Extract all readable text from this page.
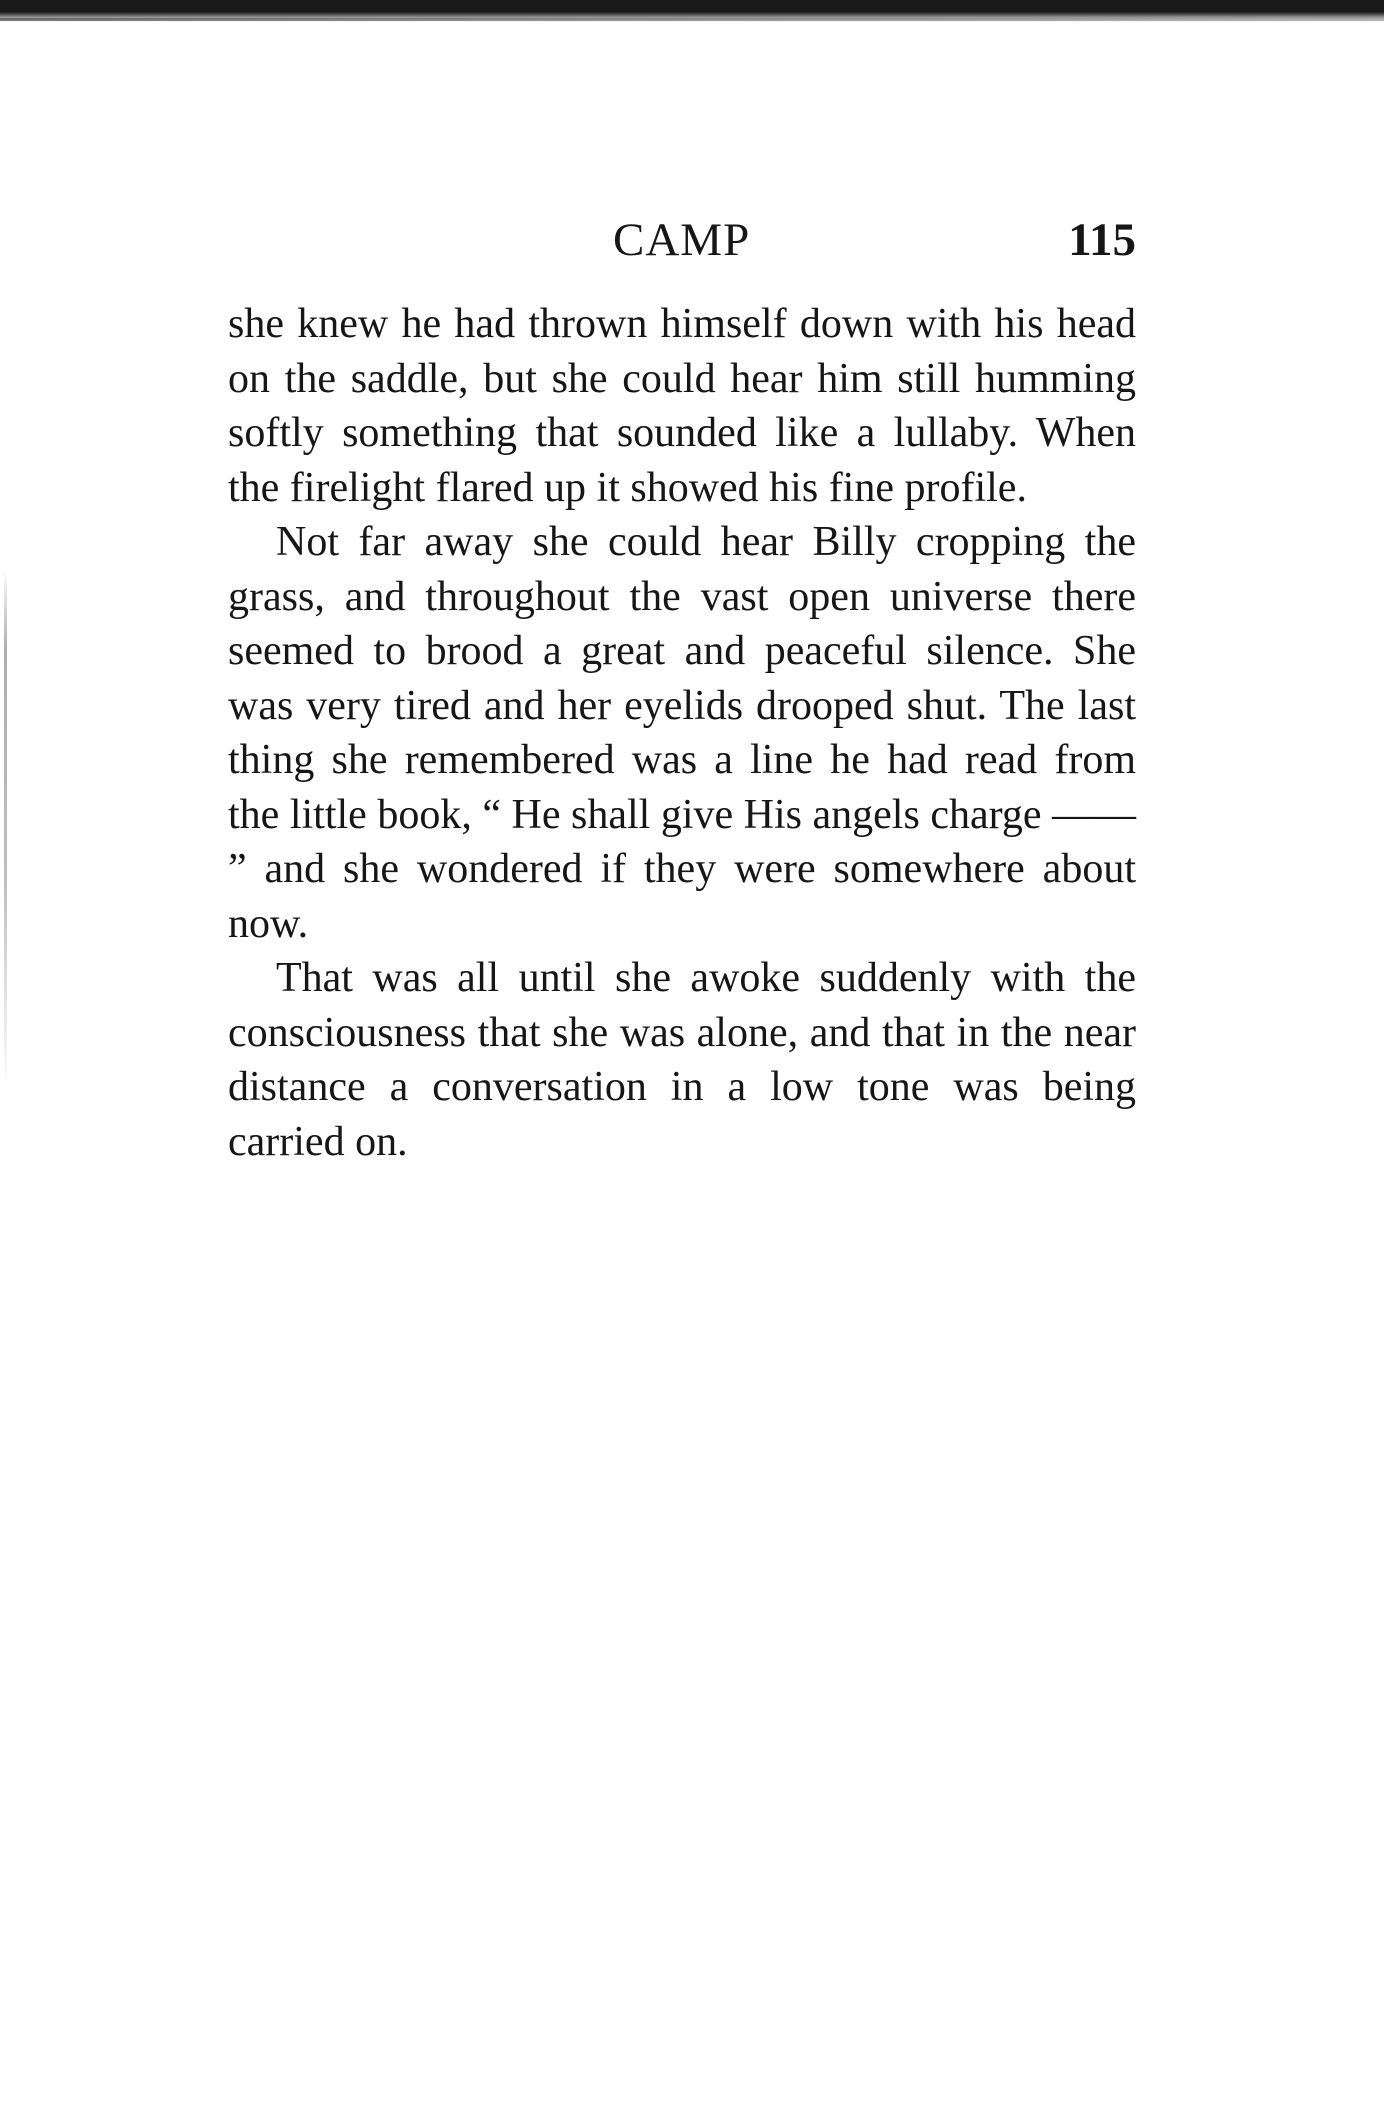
CAMP	115

she knew he had thrown himself down with his head on the saddle, but she could hear him still humming softly something that sounded like a lullaby. When the firelight flared up it showed his fine profile.

Not far away she could hear Billy cropping the grass, and throughout the vast open universe there seemed to brood a great and peaceful silence. She was very tired and her eyelids drooped shut. The last thing she remembered was a line he had read from the little book, “ He shall give His angels charge —— ” and she wondered if they were somewhere about now.

That was all until she awoke suddenly with the consciousness that she was alone, and that in the near distance a conversation in a low tone was being carried on.
